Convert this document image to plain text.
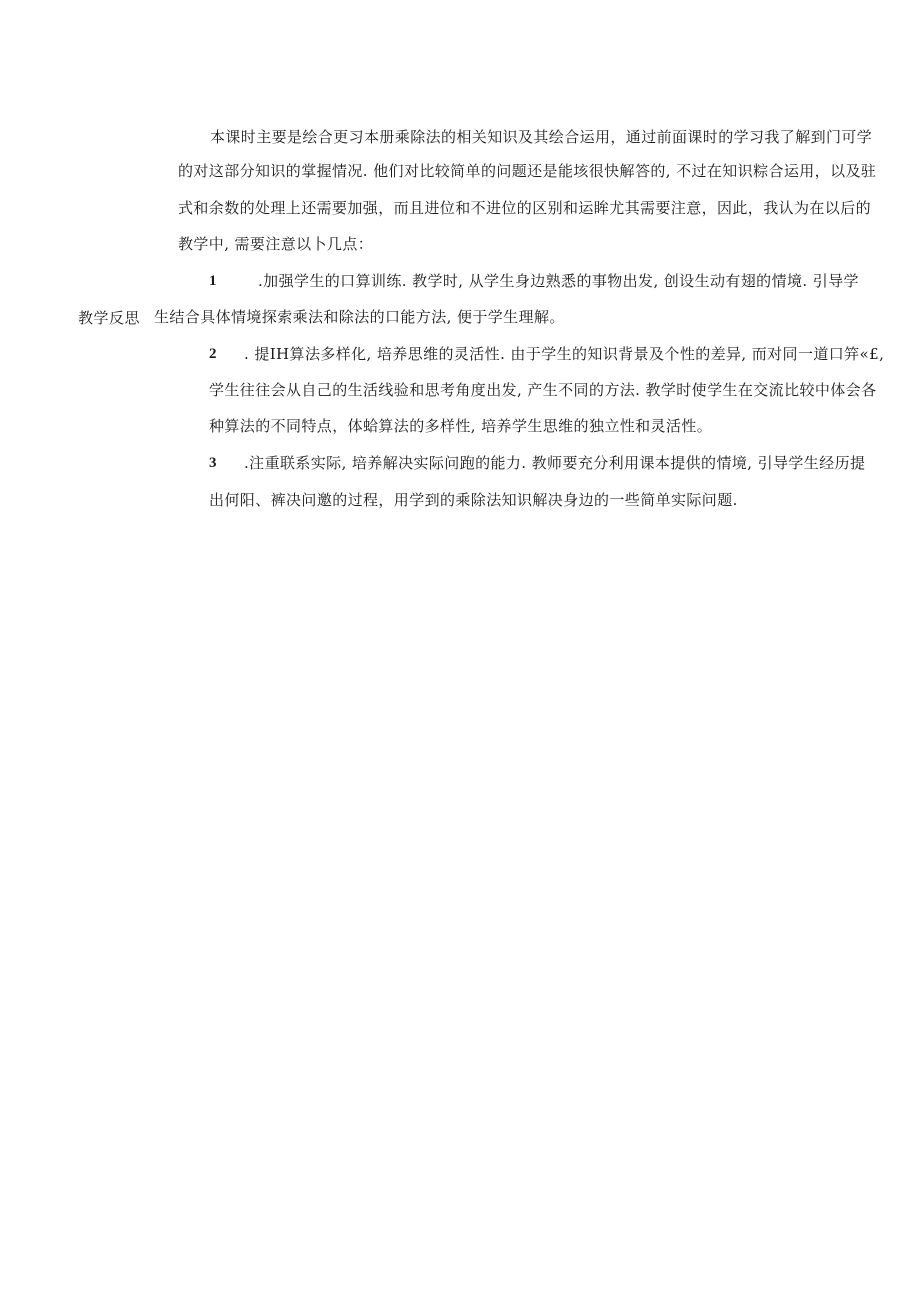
教学反思
本课时主要是绘合更习本册乘除法的相关知识及其绘合运用，通过前面课时的学习我了解到门可学
的对这部分知识的掌握情况. 他们对比较简单的问题还是能垓很快解答的, 不过在知识粽合运用，以及驻
式和余数的处理上还需要加强，而且进位和不进位的区别和运眸尤其需要注意，因此，我认为在以后的
教学中, 需要注意以卜几点：
1	.加强学生的口算训练. 教学时, 从学生身边熟悉的事物出发, 创设生动有翅的情境. 引导学
生结合具体情境探索乘法和除法的口能方法, 便于学生理解。
2 . 提IH算法多样化, 培养思维的灵活性. 由于学生的知识背景及个性的差异, 而对同一道口笄«£,
学生往往会从自己的生活线验和思考角度出发, 产生不同的方法. 教学时使学生在交流比较中体会各
种算法的不同特点，体蛤算法的多样性, 培养学生思维的独立性和灵活性。
3 .注重联系实际, 培养解决实际问跑的能力. 教师要充分利用课本提供的情境, 引导学生经历提
出何阳、裤决问邀的过程，用学到的乘除法知识解决身边的一些简单实际问题.
